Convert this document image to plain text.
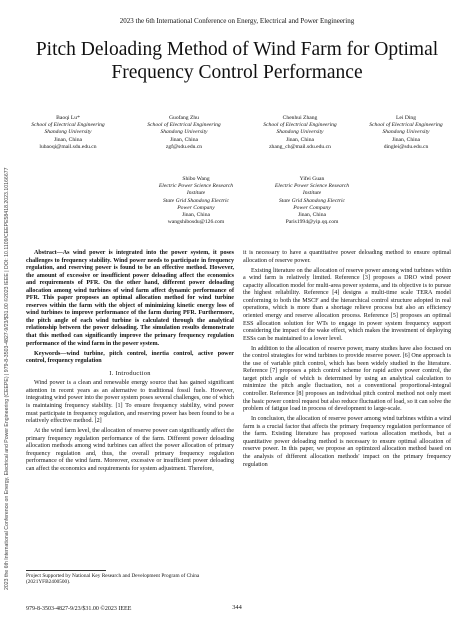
2023 the 6th International Conference on Energy, Electrical and Power Engineering (CEEPE) | 979-8-3503-4827-9/23/$31.00 ©2023 IEEE | DOI: 10.1109/CEEPE58418.2023.10166677
2023 the 6th International Conference on Energy, Electrical and Power Engineering
Pitch Deloading Method of Wind Farm for Optimal
Frequency Control Performance
Baoqi Lu*
School of Electrical Engineering
Shandong University
Jinan, China
lubaoqi@mail.sdu.edu.cn
Guofang Zhu
School of Electrical Engineering
Shandong University
Jinan, China
zgf@sdu.edu.cn
Chenhui Zhang
School of Electrical Engineering
Shandong University
Jinan, China
zhang_ch@mail.sdu.edu.cn
Lei Ding
School of Electrical Engineering
Shandong University
Jinan, China
dinglei@sdu.edu.cn
Shibo Wang
Electric Power Science Research
Institute
State Grid Shandong Electric
Power Company
Jinan, China
wangshibosdu@126.com
Yifei Guan
Electric Power Science Research
Institute
State Grid Shandong Electric
Power Company
Jinan, China
Paris1994@yip.qq.com

Abstract—As wind power is integrated into the power system, it poses challenges to frequency stability. Wind power needs to participate in frequency regulation, and reserving power is found to be an effective method. However, the amount of excessive or insufficient power deloading affect the economics and requirements of PFR. On the other hand, different power deloading allocation among wind turbines of wind farm affect dynamic performance of PFR. This paper proposes an optimal allocation method for wind turbine reserves within the farm with the object of minimizing kinetic energy loss of wind turbines to improve performance of the farm during PFR. Furthermore, the pitch angle of each wind turbine is calculated through the analytical relationship between the power deloading. The simulation results demonstrate that this method can significantly improve the primary frequency regulation performance of the wind farm in the power system.

Keywords—wind turbine, pitch control, inertia control, active power control, frequency regulation

I. Introduction

Wind power is a clean and renewable energy source that has gained significant attention in recent years as an alternative to traditional fossil fuels. However, integrating wind power into the power system poses several challenges, one of which is maintaining frequency stability. [1] To ensure frequency stability, wind power must participate in frequency regulation, and reserving power has been found to be a relatively effective method. [2]

At the wind farm level, the allocation of reserve power can significantly affect the primary frequency regulation performance of the farm. Different power deloading allocation methods among wind turbines can affect the power allocation of primary frequency regulation and, thus, the overall primary frequency regulation performance of the wind farm. Moreover, excessive or insufficient power deloading can affect the economics and requirements for system adjustment. Therefore,

Project Supported by National Key Research and Development Program of China (2021YFB2400500).
979-8-3503-4827-9/23/$31.00 ©2023 IEEE	344

it is necessary to have a quantitative power deloading method to ensure optimal allocation of reserve power.

Existing literature on the allocation of reserve power among wind turbines within a wind farm is relatively limited. Reference [3] proposes a DRO wind power capacity allocation model for multi-area power systems, and its objective is to pursue the highest reliability. Reference [4] designs a multi-time scale TERA model conforming to both the MSCF and the hierarchical control structure adopted in real operations, which is more than a shortage relieve process but also an efficiency oriented energy and reserve allocation process. Reference [5] proposes an optimal ESS allocation solution for WTs to engage in power system frequency support considering the impact of the wake effect, which makes the investment of deploying ESSs can be maintained to a lower level.

In addition to the allocation of reserve power, many studies have also focused on the control strategies for wind turbines to provide reserve power. [6] One approach is the use of variable pitch control, which has been widely studied in the literature. Reference [7] proposes a pitch control scheme for rapid active power control, the target pitch angle of which is determined by using an analytical calculation to minimize the pitch angle fluctuation, not a conventional proportional-integral controller. Reference [8] proposes an individual pitch control method not only meet the basic power control request but also reduce fluctuation of load, so it can solve the problem of fatigue load in process of development to large-scale.

In conclusion, the allocation of reserve power among wind turbines within a wind farm is a crucial factor that affects the primary frequency regulation performance of the farm. Existing literature has proposed various allocation methods, but a quantitative power deloading method is necessary to ensure optimal allocation of reserve power. In this paper, we propose an optimized allocation method based on the analysis of different allocation methods' impact on the primary frequency regulation
